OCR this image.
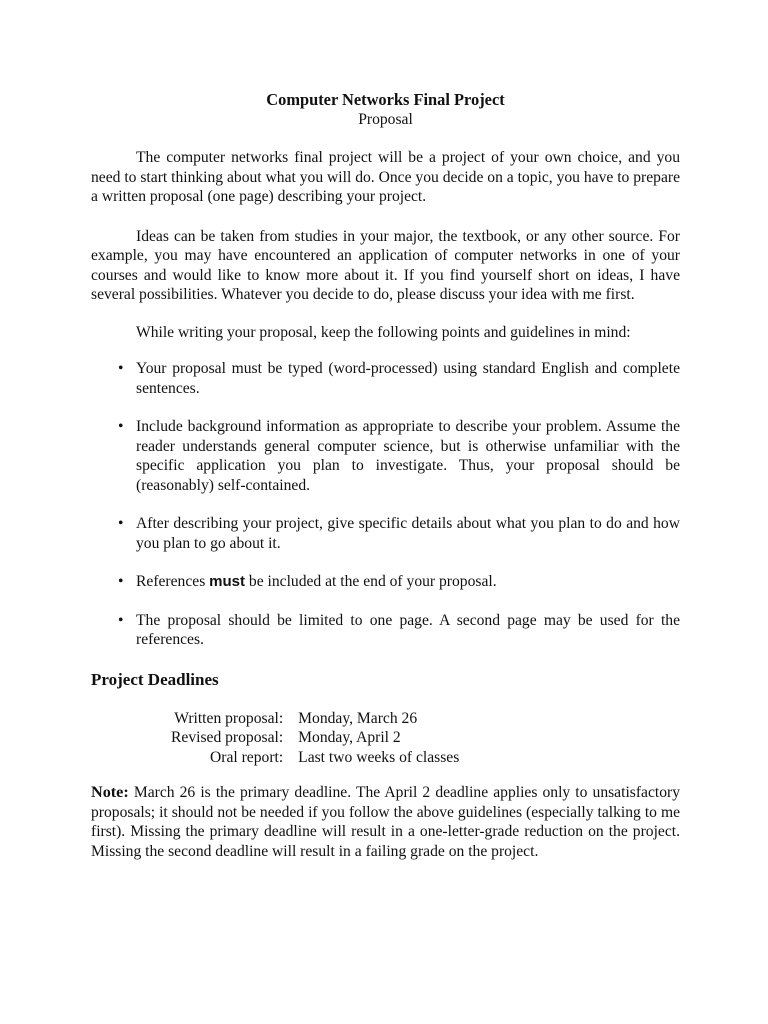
Computer Networks Final Project
Proposal

The computer networks final project will be a project of your own choice, and you need to start thinking about what you will do. Once you decide on a topic, you have to prepare a written proposal (one page) describing your project.

Ideas can be taken from studies in your major, the textbook, or any other source. For example, you may have encountered an application of computer networks in one of your courses and would like to know more about it. If you find yourself short on ideas, I have several possibilities. Whatever you decide to do, please discuss your idea with me first.

While writing your proposal, keep the following points and guidelines in mind:

• Your proposal must be typed (word-processed) using standard English and complete sentences.
• Include background information as appropriate to describe your problem. Assume the reader understands general computer science, but is otherwise unfamiliar with the specific application you plan to investigate. Thus, your proposal should be (reasonably) self-contained.
• After describing your project, give specific details about what you plan to do and how you plan to go about it.
• References must be included at the end of your proposal.
• The proposal should be limited to one page. A second page may be used for the references.
Project Deadlines
Written proposal:	Monday, March 26
Revised proposal:	Monday, April 2
Oral report:	Last two weeks of classes

Note: March 26 is the primary deadline. The April 2 deadline applies only to unsatisfactory proposals; it should not be needed if you follow the above guidelines (especially talking to me first). Missing the primary deadline will result in a one-letter-grade reduction on the project. Missing the second deadline will result in a failing grade on the project.
